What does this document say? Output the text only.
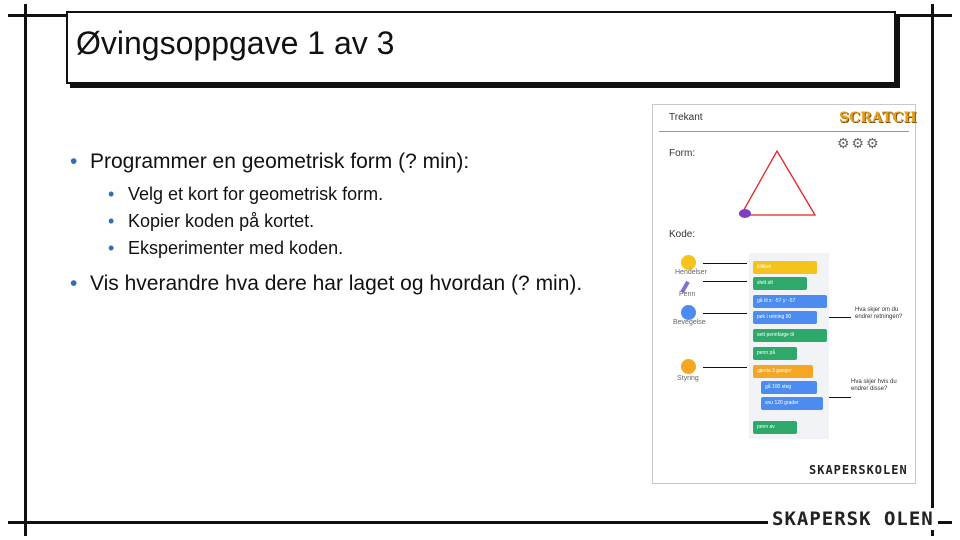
Øvingsoppgave 1 av 3
• Programmer en geometrisk form (? min):
• Velg et kort for geometrisk form.
• Kopier koden på kortet.
• Eksperimenter med koden.
• Vis hverandre hva dere har laget og hvordan (? min).
Trekant	SCRATCH
⚙⚙⚙
Form:
Kode:
Hendelser
Penn
Bevegelse
Styring
klikket
slett alt
gå til x: -57 y: -57
pek i retning 90
sett pennfarge til
penn på
gjenta 3 ganger
gå 100 steg
snu 120 grader
penn av
Hva skjer om du endrer retningen?
Hva skjer hvis du endrer disse?
SKAPERSKOLEN
SKAPERSK OLEN
